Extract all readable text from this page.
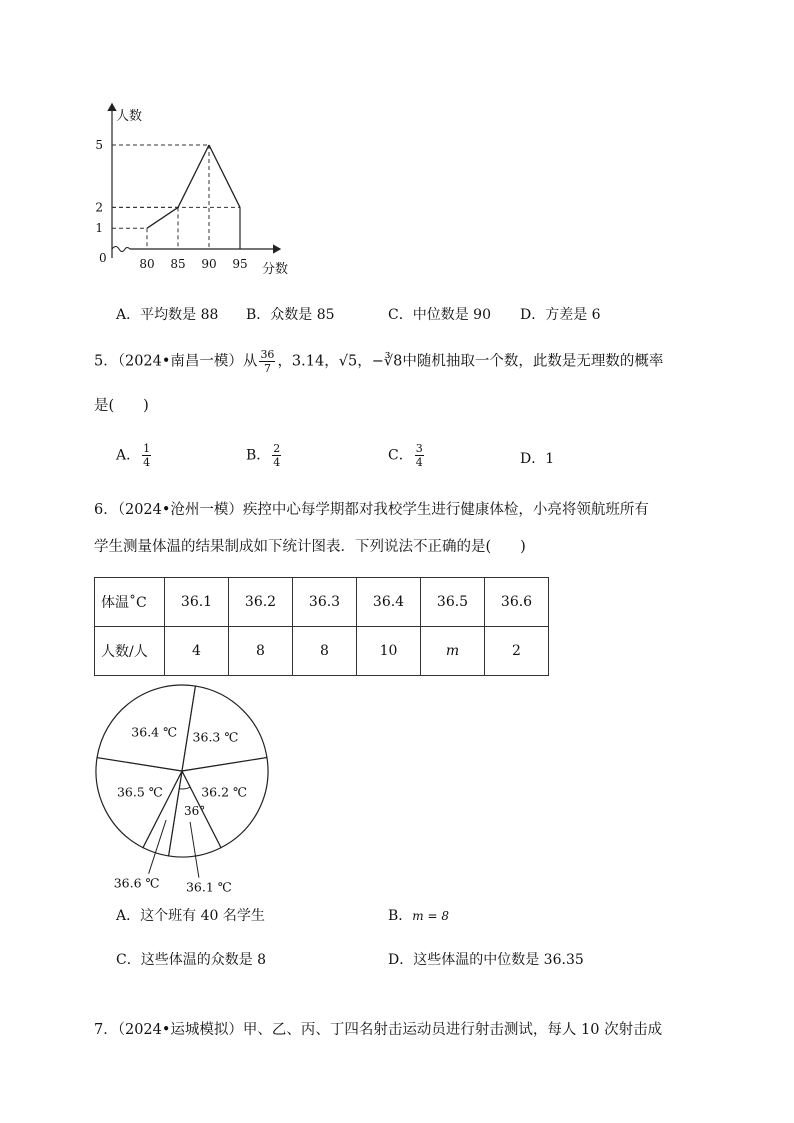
80 85 90 95
1
2
5
人数
分数
0
A．平均数是 88 B．众数是 85	C．中位数是 90 D．方差是 6
5．（2024•南昌一模）从 $\frac{36}{7}$ ，3.14，√5，−∛8中随机抽取一个数，此数是无理数的概率
是(　　)
A． $\frac{1}{4}$	B． $\frac{2}{4}$	C． $\frac{3}{4}$	D．1
6．（2024•沧州一模）疾控中心每学期都对我校学生进行健康体检，小亮将领航班所有
学生测量体温的结果制成如下统计图表．下列说法不正确的是(　　)
体温˚C	36.1	36.2	36.3	36.4	36.5	36.6
人数/人	4	8	8	10	m	2
36.1 ℃
36.6 ℃
36.5 ℃
36.4 ℃ 36.3 ℃
36.2 ℃
36°
A．这个班有 40 名学生	B．m = 8
C．这些体温的众数是 8	D．这些体温的中位数是 36.35
7．（2024•运城模拟）甲、乙、丙、丁四名射击运动员进行射击测试，每人 10 次射击成
